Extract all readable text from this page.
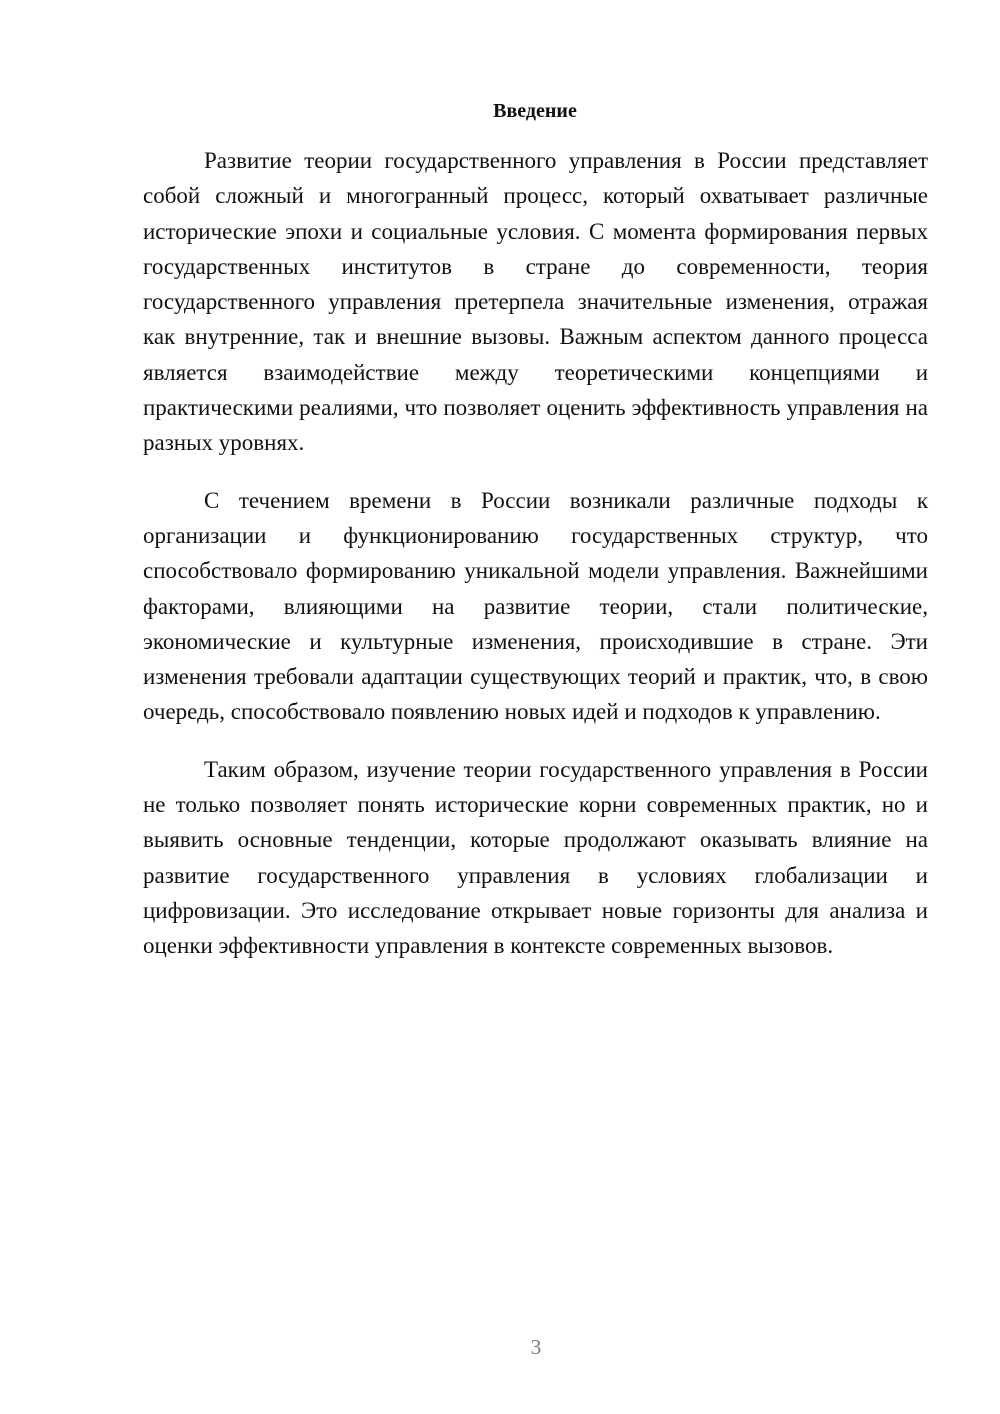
Введение

Развитие теории государственного управления в России представляет собой сложный и многогранный процесс, который охватывает различные исторические эпохи и социальные условия. С момента формирования первых государственных институтов в стране до современности, теория государственного управления претерпела значительные изменения, отражая как внутренние, так и внешние вызовы. Важным аспектом данного процесса является взаимодействие между теоретическими концепциями и практическими реалиями, что позволяет оценить эффективность управления на разных уровнях.

С течением времени в России возникали различные подходы к организации и функционированию государственных структур, что способствовало формированию уникальной модели управления. Важнейшими факторами, влияющими на развитие теории, стали политические, экономические и культурные изменения, происходившие в стране. Эти изменения требовали адаптации существующих теорий и практик, что, в свою очередь, способствовало появлению новых идей и подходов к управлению.

Таким образом, изучение теории государственного управления в России не только позволяет понять исторические корни современных практик, но и выявить основные тенденции, которые продолжают оказывать влияние на развитие государственного управления в условиях глобализации и цифровизации. Это исследование открывает новые горизонты для анализа и оценки эффективности управления в контексте современных вызовов.

3
